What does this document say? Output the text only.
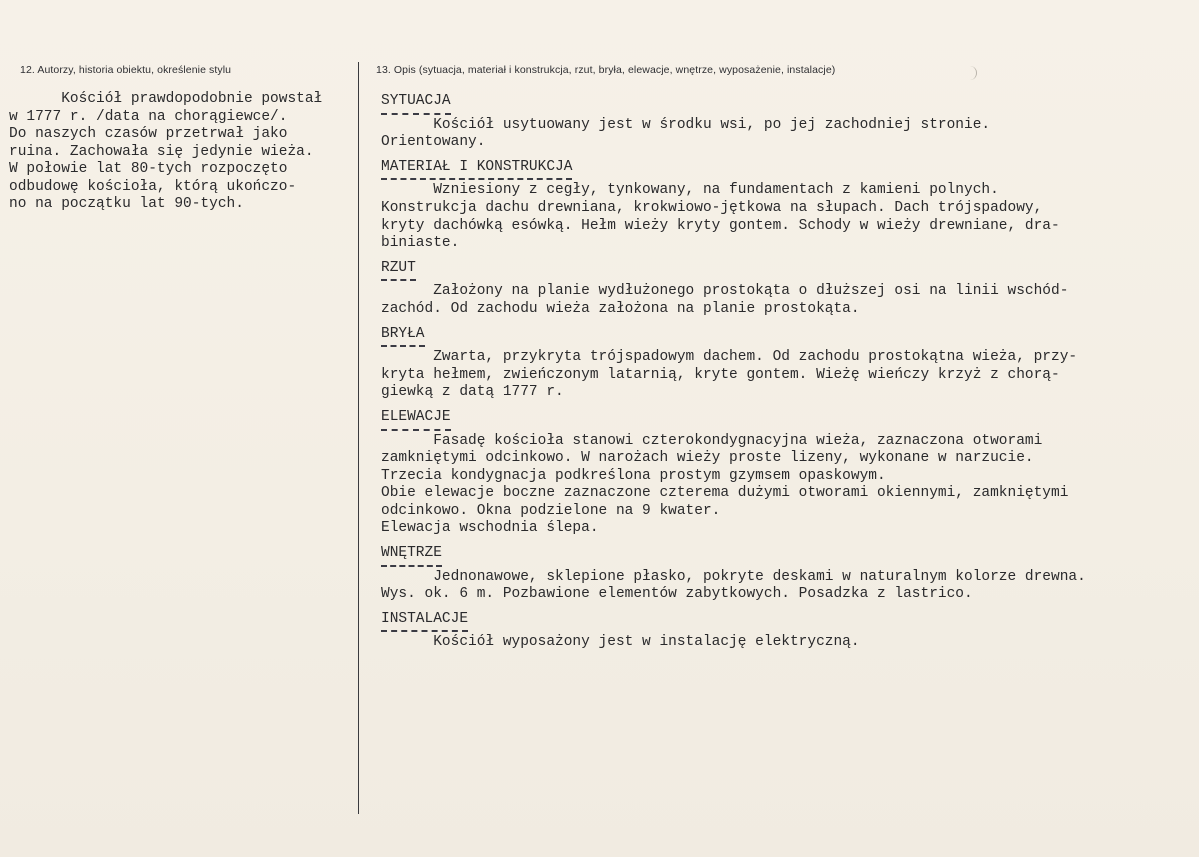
12. Autorzy, historia obiektu, określenie stylu	13. Opis (sytuacja, materiał i konstrukcja, rzut, bryła, elewacje, wnętrze, wyposażenie, instalacje)
Kościół prawdopodobnie powstał
w 1777 r. /data na chorągiewce/.
Do naszych czasów przetrwał jako
ruina. Zachowała się jedynie wieża.
W połowie lat 80-tych rozpoczęto
odbudowę kościoła, którą ukończo-
no na początku lat 90-tych.
SYTUACJA
Kościół usytuowany jest w środku wsi, po jej zachodniej stronie.
Orientowany.
MATERIAŁ I KONSTRUKCJA
Wzniesiony z cegły, tynkowany, na fundamentach z kamieni polnych.
Konstrukcja dachu drewniana, krokwiowo-jętkowa na słupach. Dach trójspadowy,
kryty dachówką esówką. Hełm wieży kryty gontem. Schody w wieży drewniane, dra-
biniaste.
RZUT
Założony na planie wydłużonego prostokąta o dłuższej osi na linii wschód-
zachód. Od zachodu wieża założona na planie prostokąta.
BRYŁA
Zwarta, przykryta trójspadowym dachem. Od zachodu prostokątna wieża, przy-
kryta hełmem, zwieńczonym latarnią, kryte gontem. Wieżę wieńczy krzyż z chorą-
giewką z datą 1777 r.
ELEWACJE
Fasadę kościoła stanowi czterokondygnacyjna wieża, zaznaczona otworami
zamkniętymi odcinkowo. W narożach wieży proste lizeny, wykonane w narzucie.
Trzecia kondygnacja podkreślona prostym gzymsem opaskowym.
Obie elewacje boczne zaznaczone czterema dużymi otworami okiennymi, zamkniętymi
odcinkowo. Okna podzielone na 9 kwater.
Elewacja wschodnia ślepa.
WNĘTRZE
Jednonawowe, sklepione płasko, pokryte deskami w naturalnym kolorze drewna.
Wys. ok. 6 m. Pozbawione elementów zabytkowych. Posadzka z lastrico.
INSTALACJE
Kościół wyposażony jest w instalację elektryczną.
